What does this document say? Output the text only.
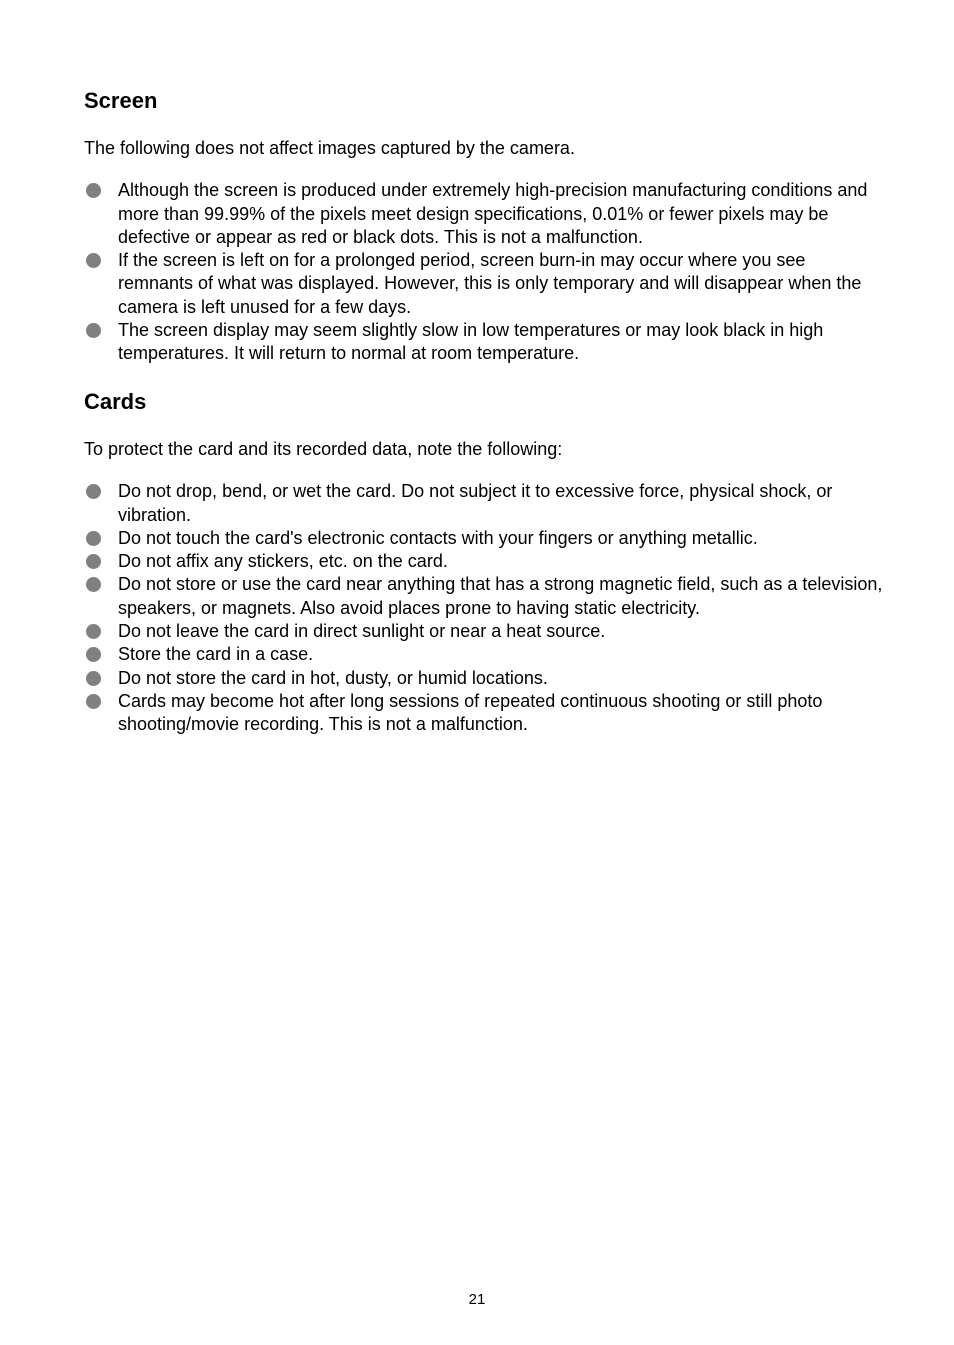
Screen

The following does not affect images captured by the camera.

Although the screen is produced under extremely high-precision manufacturing conditions and more than 99.99% of the pixels meet design specifications, 0.01% or fewer pixels may be defective or appear as red or black dots. This is not a malfunction.
If the screen is left on for a prolonged period, screen burn-in may occur where you see remnants of what was displayed. However, this is only temporary and will disappear when the camera is left unused for a few days.
The screen display may seem slightly slow in low temperatures or may look black in high temperatures. It will return to normal at room temperature.
Cards

To protect the card and its recorded data, note the following:

Do not drop, bend, or wet the card. Do not subject it to excessive force, physical shock, or vibration.
Do not touch the card's electronic contacts with your fingers or anything metallic.
Do not affix any stickers, etc. on the card.
Do not store or use the card near anything that has a strong magnetic field, such as a television, speakers, or magnets. Also avoid places prone to having static electricity.
Do not leave the card in direct sunlight or near a heat source.
Store the card in a case.
Do not store the card in hot, dusty, or humid locations.
Cards may become hot after long sessions of repeated continuous shooting or still photo shooting/movie recording. This is not a malfunction.
21
